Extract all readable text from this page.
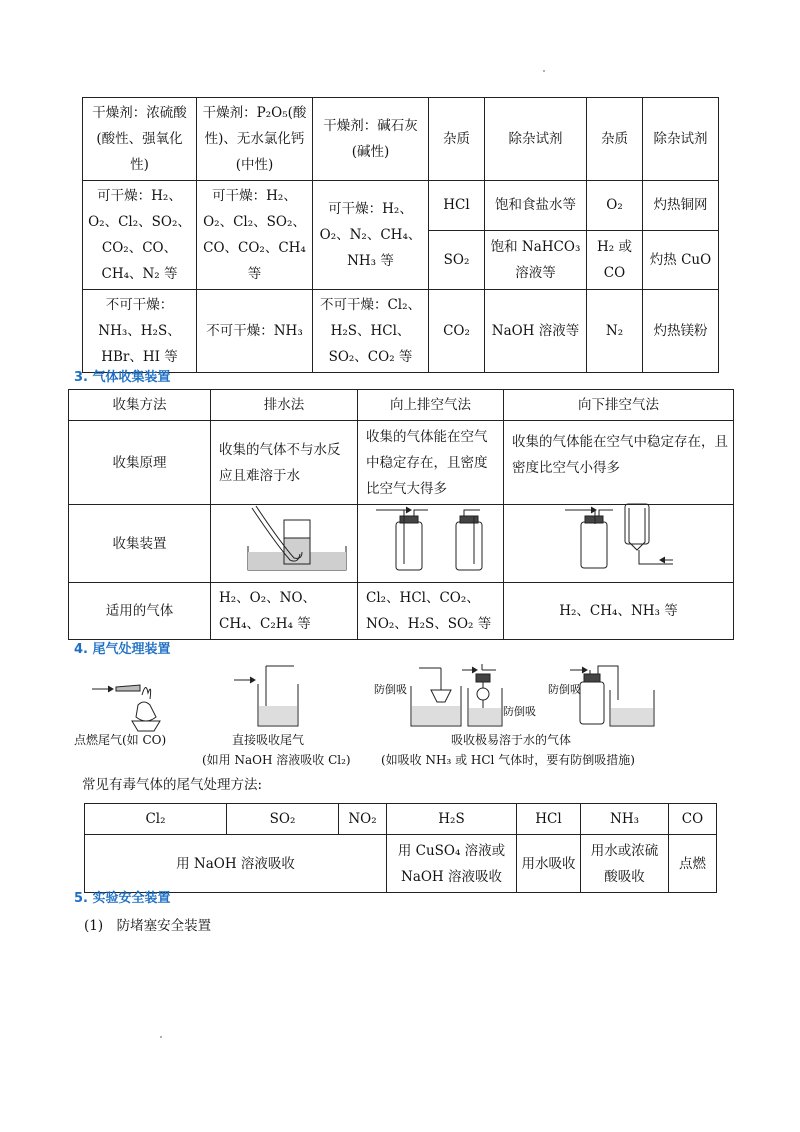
干燥剂：浓硫酸(酸性、强氧化性)	干燥剂：P₂O₅(酸性)、无水氯化钙(中性)	干燥剂：碱石灰(碱性)	杂质	除杂试剂	杂质	除杂试剂
可干燥：H₂、O₂、Cl₂、SO₂、CO₂、CO、CH₄、N₂ 等	可干燥：H₂、O₂、Cl₂、SO₂、CO、CO₂、CH₄ 等	可干燥：H₂、O₂、N₂、CH₄、NH₃ 等	HCl	饱和食盐水等	O₂	灼热铜网
			SO₂	饱和 NaHCO₃ 溶液等	H₂ 或 CO	灼热 CuO
不可干燥：NH₃、H₂S、HBr、HI 等	不可干燥：NH₃	不可干燥：Cl₂、H₂S、HCl、SO₂、CO₂ 等	CO₂	NaOH 溶液等	N₂	灼热镁粉
3. 气体收集装置
收集方法	排水法	向上排空气法	向下排空气法
收集原理	收集的气体不与水反应且难溶于水	收集的气体能在空气中稳定存在，且密度比空气大得多	收集的气体能在空气中稳定存在，且密度比空气小得多
收集装置			
适用的气体	H₂、O₂、NO、CH₄、C₂H₄ 等	Cl₂、HCl、CO₂、NO₂、H₂S、SO₂ 等	H₂、CH₄、NH₃ 等
4. 尾气处理装置
点燃尾气(如 CO)	直接吸收尾气
(如用 NaOH 溶液吸收 Cl₂)
防倒吸
防倒吸
防倒吸
吸收极易溶于水的气体
(如吸收 NH₃ 或 HCl 气体时，要有防倒吸措施)
常见有毒气体的尾气处理方法:
Cl₂	SO₂	NO₂	H₂S	HCl	NH₃	CO
用 NaOH 溶液吸收			用 CuSO₄ 溶液或 NaOH 溶液吸收	用水吸收	用水或浓硫酸吸收	点燃
5. 实验安全装置
(1)　防堵塞安全装置
